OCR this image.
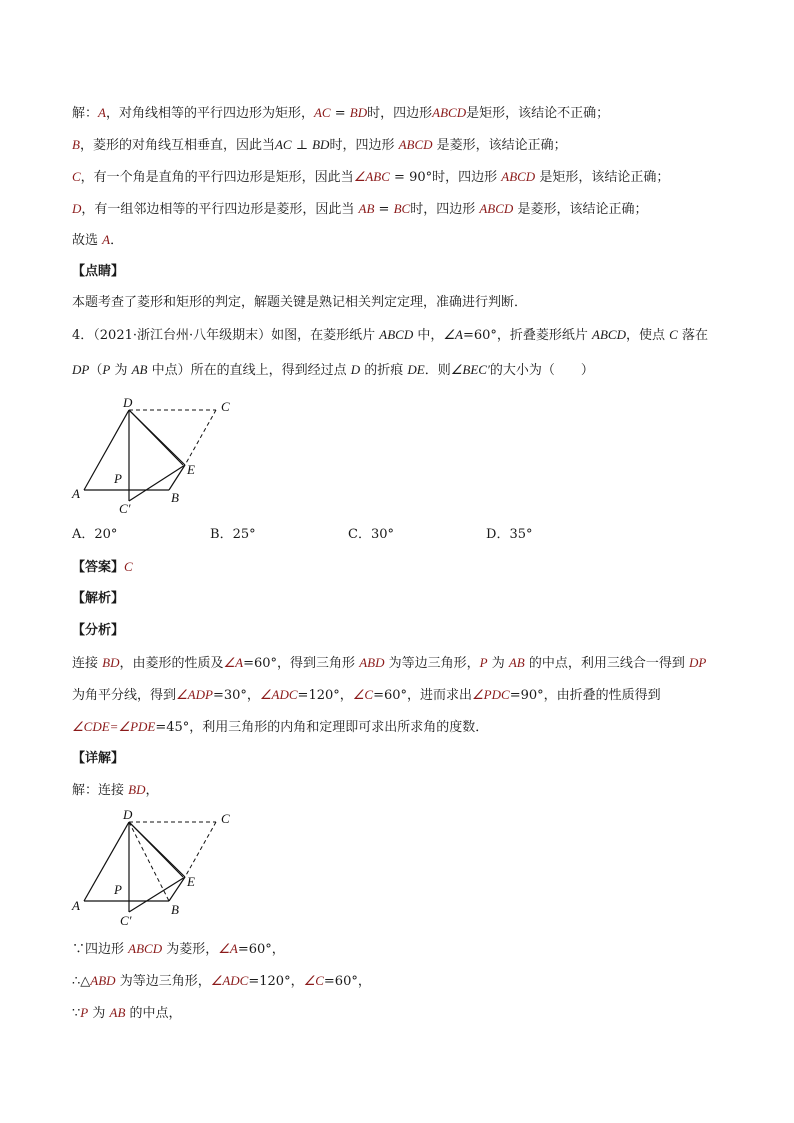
解：A，对角线相等的平行四边形为矩形，AC = BD时，四边形ABCD是矩形，该结论不正确；
B，菱形的对角线互相垂直，因此当AC ⊥ BD时，四边形 ABCD 是菱形，该结论正确；
C，有一个角是直角的平行四边形是矩形，因此当∠ABC = 90°时，四边形 ABCD 是矩形，该结论正确；
D，有一组邻边相等的平行四边形是菱形，因此当 AB = BC时，四边形 ABCD 是菱形，该结论正确；
故选 A．
【点睛】
本题考查了菱形和矩形的判定，解题关键是熟记相关判定定理，准确进行判断．
4．（2021·浙江台州·八年级期末）如图，在菱形纸片 ABCD 中，∠A=60°，折叠菱形纸片 ABCD，使点 C 落在
DP（P 为 AB 中点）所在的直线上，得到经过点 D 的折痕 DE．则∠BEC′的大小为（　　）
A	B
C
D
E
P
C′
A．20°	B．25°	C．30°	D．35°
【答案】C
【解析】
【分析】
连接 BD，由菱形的性质及∠A=60°，得到三角形 ABD 为等边三角形，P 为 AB 的中点，利用三线合一得到 DP
为角平分线，得到∠ADP=30°，∠ADC=120°，∠C=60°，进而求出∠PDC=90°，由折叠的性质得到
∠CDE=∠PDE=45°，利用三角形的内角和定理即可求出所求角的度数．
【详解】
解：连接 BD，
A	B
C
D
E
P
C′
∵四边形 ABCD 为菱形，∠A=60°，
∴△ABD 为等边三角形，∠ADC=120°，∠C=60°，
∵P 为 AB 的中点，
